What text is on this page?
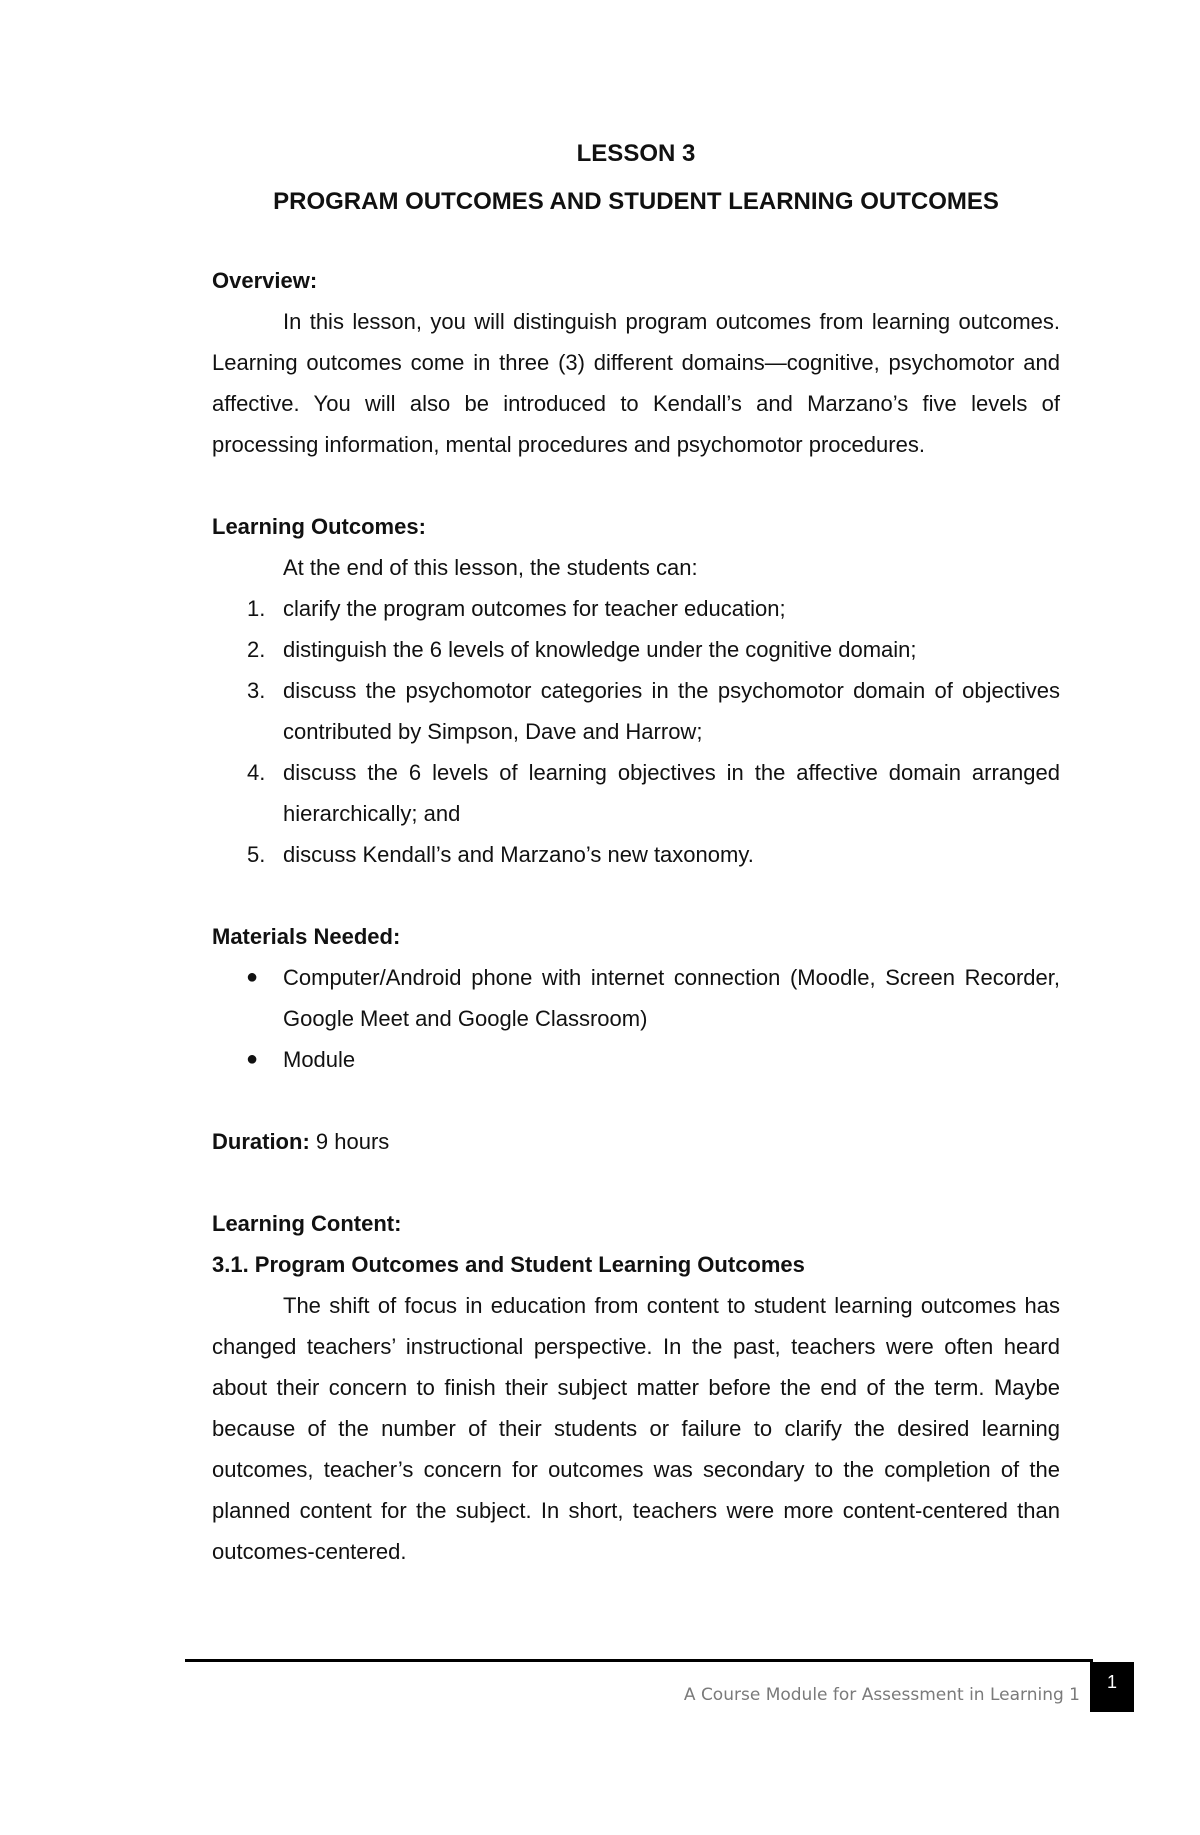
LESSON 3

PROGRAM OUTCOMES AND STUDENT LEARNING OUTCOMES

Overview:

In this lesson, you will distinguish program outcomes from learning outcomes. Learning outcomes come in three (3) different domains—cognitive, psychomotor and affective. You will also be introduced to Kendall’s and Marzano’s five levels of processing information, mental procedures and psychomotor procedures.

Learning Outcomes:

At the end of this lesson, the students can:

1. clarify the program outcomes for teacher education;
2. distinguish the 6 levels of knowledge under the cognitive domain;
3. discuss the psychomotor categories in the psychomotor domain of objectives contributed by Simpson, Dave and Harrow;
4. discuss the 6 levels of learning objectives in the affective domain arranged hierarchically; and
5. discuss Kendall’s and Marzano’s new taxonomy.

Materials Needed:

● Computer/Android phone with internet connection (Moodle, Screen Recorder, Google Meet and Google Classroom)
● Module

Duration: 9 hours

Learning Content:

3.1. Program Outcomes and Student Learning Outcomes

The shift of focus in education from content to student learning outcomes has changed teachers’ instructional perspective. In the past, teachers were often heard about their concern to finish their subject matter before the end of the term. Maybe because of the number of their students or failure to clarify the desired learning outcomes, teacher’s concern for outcomes was secondary to the completion of the planned content for the subject. In short, teachers were more content-centered than outcomes-centered.

A Course Module for Assessment in Learning 1
1
